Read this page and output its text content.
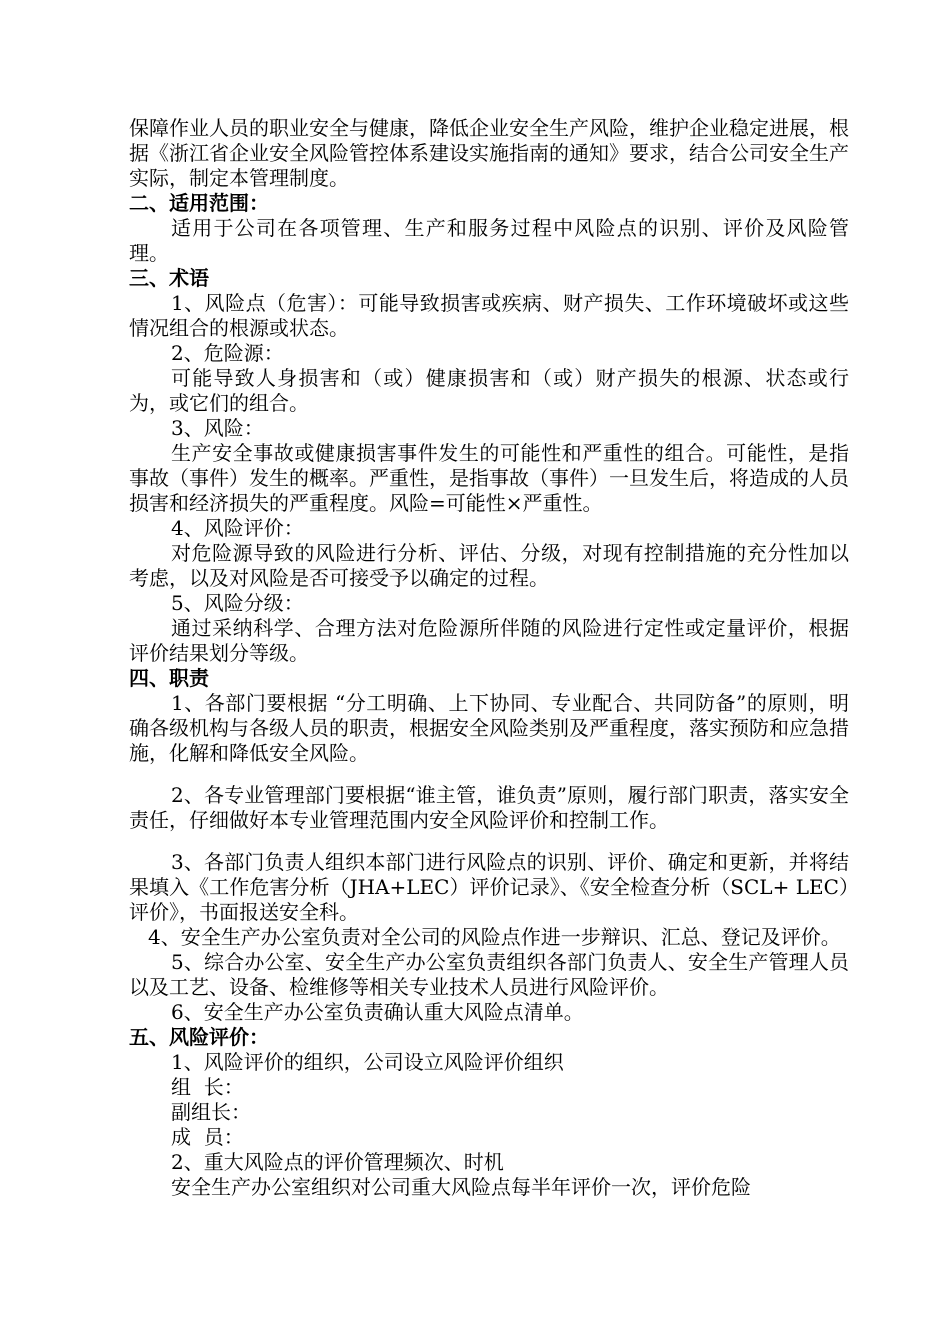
保障作业人员的职业安全与健康，降低企业安全生产风险，维护企业稳定进展，根据《浙江省企业安全风险管控体系建设实施指南的通知》要求，结合公司安全生产实际，制定本管理制度。

二、适用范围：

适用于公司在各项管理、生产和服务过程中风险点的识别、评价及风险管理。

三、术语

1、风险点（危害）：可能导致损害或疾病、财产损失、工作环境破坏或这些情况组合的根源或状态。

2、危险源：

可能导致人身损害和（或）健康损害和（或）财产损失的根源、状态或行为，或它们的组合。

3、风险：

生产安全事故或健康损害事件发生的可能性和严重性的组合。可能性，是指事故（事件）发生的概率。严重性，是指事故（事件）一旦发生后，将造成的人员损害和经济损失的严重程度。风险=可能性×严重性。

4、风险评价：

对危险源导致的风险进行分析、评估、分级，对现有控制措施的充分性加以考虑，以及对风险是否可接受予以确定的过程。

5、风险分级：

通过采纳科学、合理方法对危险源所伴随的风险进行定性或定量评价，根据评价结果划分等级。

四、职责

1、各部门要根据 “分工明确、上下协同、专业配合、共同防备”的原则，明确各级机构与各级人员的职责，根据安全风险类别及严重程度，落实预防和应急措施，化解和降低安全风险。

2、各专业管理部门要根据“谁主管，谁负责”原则，履行部门职责，落实安全责任，仔细做好本专业管理范围内安全风险评价和控制工作。

3、各部门负责人组织本部门进行风险点的识别、评价、确定和更新，并将结果填入《工作危害分析（JHA+LEC）评价记录》、《安全检查分析（SCL+ LEC）评价》，书面报送安全科。

4、安全生产办公室负责对全公司的风险点作进一步辩识、汇总、登记及评价。

5、综合办公室、安全生产办公室负责组织各部门负责人、安全生产管理人员以及工艺、设备、检维修等相关专业技术人员进行风险评价。

6、安全生产办公室负责确认重大风险点清单。

五、风险评价：

1、风险评价的组织，公司设立风险评价组织

组  长：

副组长：

成  员：

2、重大风险点的评价管理频次、时机

安全生产办公室组织对公司重大风险点每半年评价一次，评价危险
